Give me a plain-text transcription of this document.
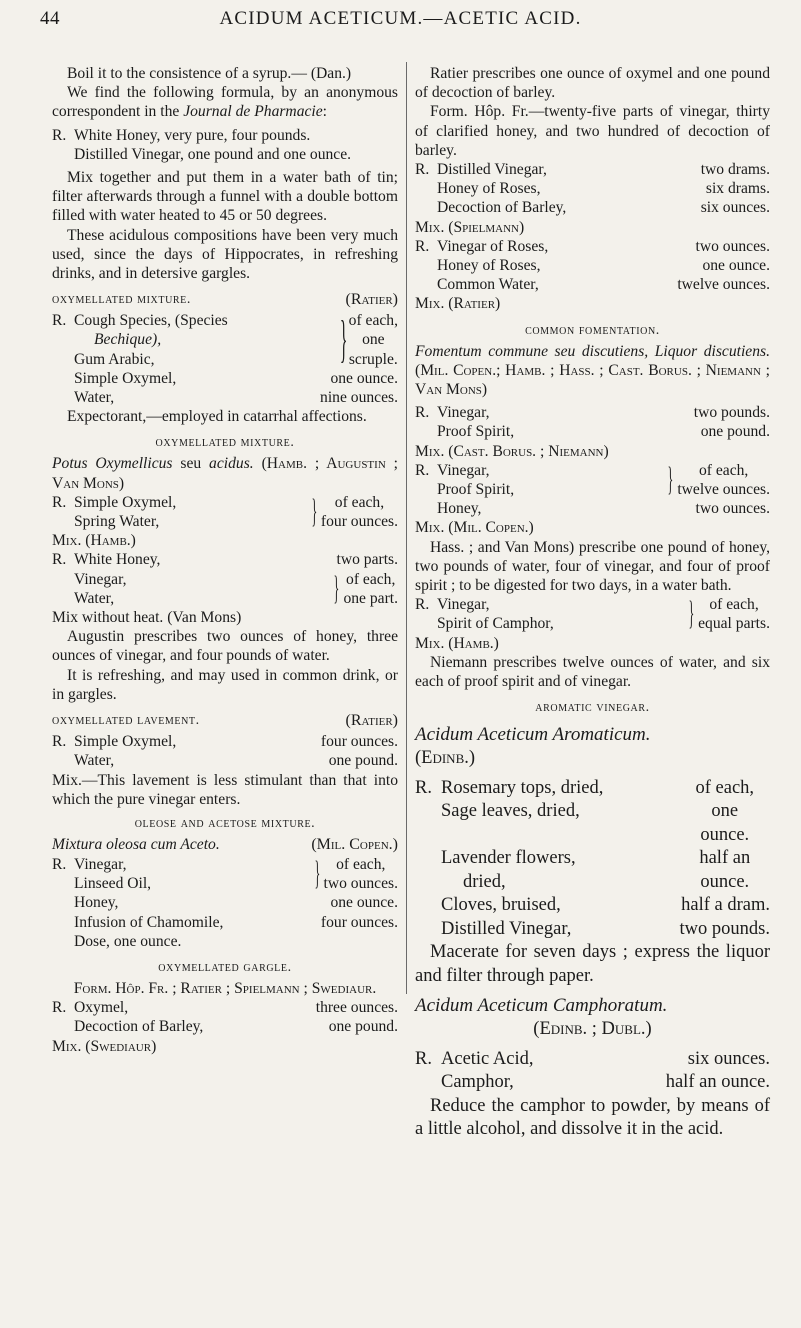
44	ACIDUM ACETICUM.—ACETIC ACID.

Boil it to the consistence of a syrup.— (Dan.)

We find the following formula, by an anonymous correspondent in the Journal de Pharmacie:

R. White Honey, very pure, four pounds.
Distilled Vinegar, one pound and one ounce.

Mix together and put them in a water bath of tin; filter afterwards through a funnel with a double bottom filled with water heated to 45 or 50 degrees.

These acidulous compositions have been very much used, since the days of Hippocrates, in refreshing drinks, and in detersive gargles.

oxymellated mixture.	(Ratier)
R. Cough Species, (Species	} of each,
Bechique),	one
Gum Arabic,	scruple.
Simple Oxymel,	one ounce.
Water,	nine ounces.

Expectorant,—employed in catarrhal affections.

oxymellated mixture.

Potus Oxymellicus seu acidus. (Hamb. ; Augustin ; Van Mons)

R. Simple Oxymel,	}	of each,
Spring Water,	four ounces.

Mix. (Hamb.)

R. White Honey,	two parts.
Vinegar,	} of each,
Water,	one part.

Mix without heat. (Van Mons)

Augustin prescribes two ounces of honey, three ounces of vinegar, and four pounds of water.

It is refreshing, and may used in common drink, or in gargles.

oxymellated lavement.	(Ratier)
R. Simple Oxymel,	four ounces.
Water,	one pound.

Mix.—This lavement is less stimulant than that into which the pure vinegar enters.

oleose and acetose mixture.
Mixtura oleosa cum Aceto.	(Mil. Copen.)
R. Vinegar,	}	of each,
Linseed Oil,	two ounces.
Honey,	one ounce.
Infusion of Chamomile,	four ounces.

Dose, one ounce.

oxymellated gargle.

Form. Hôp. Fr. ; Ratier ; Spielmann ; Swediaur.

R. Oxymel,	three ounces.
Decoction of Barley,	one pound.

Mix. (Swediaur)

Ratier prescribes one ounce of oxymel and one pound of decoction of barley.

Form. Hôp. Fr.—twenty-five parts of vinegar, thirty of clarified honey, and two hundred of decoction of barley.

R. Distilled Vinegar,	two drams.
Honey of Roses,	six drams.
Decoction of Barley,	six ounces.

Mix. (Spielmann)

R. Vinegar of Roses,	two ounces.
Honey of Roses,	one ounce.
Common Water,	twelve ounces.

Mix. (Ratier)

common fomentation.

Fomentum commune seu discutiens, Liquor discutiens. (Mil. Copen.; Hamb. ; Hass. ; Cast. Borus. ; Niemann ; Van Mons)

R. Vinegar,	two pounds.
Proof Spirit,	one pound.

Mix. (Cast. Borus. ; Niemann)

R. Vinegar,	}	of each,
Proof Spirit,	twelve ounces.
Honey,	two ounces.

Mix. (Mil. Copen.)

Hass. ; and Van Mons) prescribe one pound of honey, two pounds of water, four of vinegar, and four of proof spirit ; to be digested for two days, in a water bath.

R. Vinegar,	} of each,
Spirit of Camphor,	equal parts.

Mix. (Hamb.)

Niemann prescribes twelve ounces of water, and six each of proof spirit and of vinegar.

aromatic vinegar.

Acidum Aceticum Aromaticum.

(Edinb.)

R. Rosemary tops, dried,	of each,
Sage leaves, dried,	one
ounce.
Lavender flowers,	half an
dried,	ounce.
Cloves, bruised,	half a dram.
Distilled Vinegar,	two pounds.

Macerate for seven days ; express the liquor and filter through paper.

Acidum Aceticum Camphoratum.

(Edinb. ; Dubl.)

R. Acetic Acid,	six ounces.
Camphor,	half an ounce.

Reduce the camphor to powder, by means of a little alcohol, and dissolve it in the acid.
